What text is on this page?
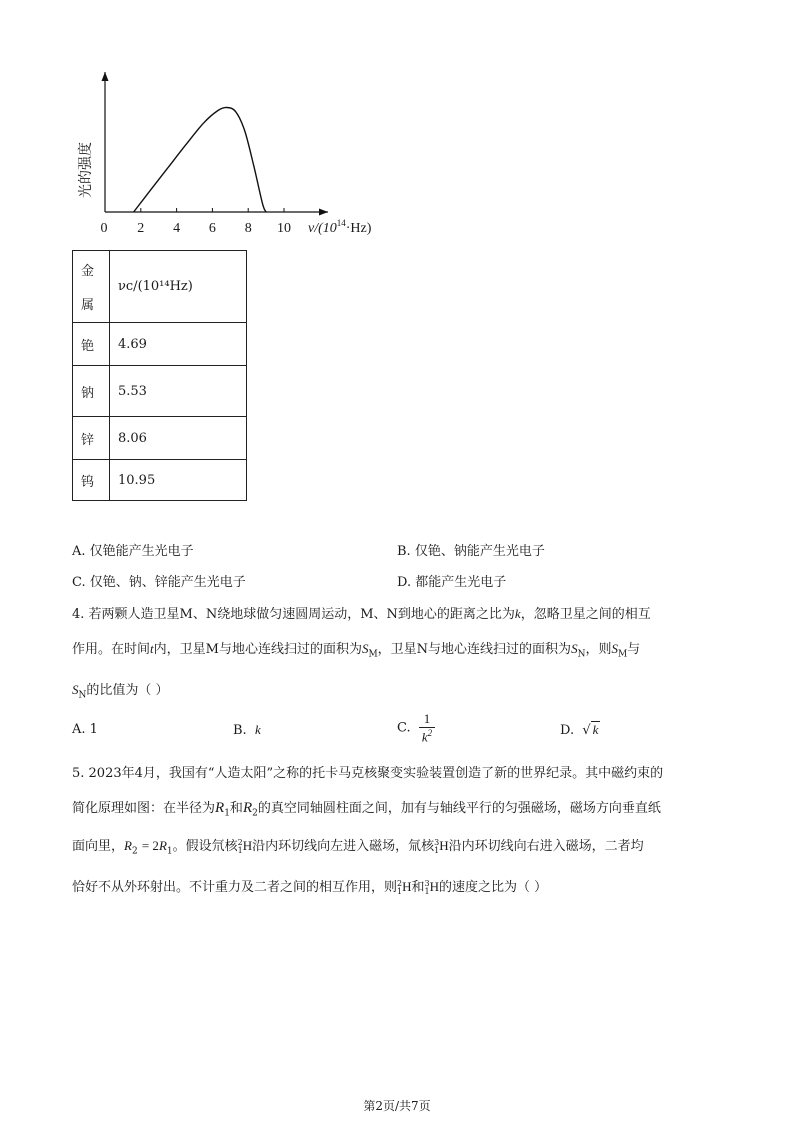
0 2 4 6 8 10
光的强度
$\nu/(10^{14}\cdot Hz)$
金

属	νc/(10¹⁴Hz)
铯	4.69
钠	5.53
锌	8.06
钨	10.95
A. 仅铯能产生光电子	B. 仅铯、钠能产生光电子
C. 仅铯、钠、锌能产生光电子	D. 都能产生光电子
4. 若两颗人造卫星M、N绕地球做匀速圆周运动，M、N到地心的距离之比为k，忽略卫星之间的相互
作用。在时间t内，卫星M与地心连线扫过的面积为$S_M$，卫星N与地心连线扫过的面积为$S_N$，则$S_M$与
$S_N$的比值为（ ）
A. 1	B. k	C. $\frac{1}{k^2}$	D. √ k
5. 2023年4月，我国有“人造太阳”之称的托卡马克核聚变实验装置创造了新的世界纪录。其中磁约束的
简化原理如图：在半径为$R_1$和$R_2$的真空同轴圆柱面之间，加有与轴线平行的匀强磁场，磁场方向垂直纸
面向里，$R_2 = 2R_1$。假设氘核2
1H沿内环切线向左进入磁场，氚核3
1H沿内环切线向右进入磁场，二者均
恰好不从外环射出。不计重力及二者之间的相互作用，则2
1H和3
1H的速度之比为（ ）
第2页/共7页
